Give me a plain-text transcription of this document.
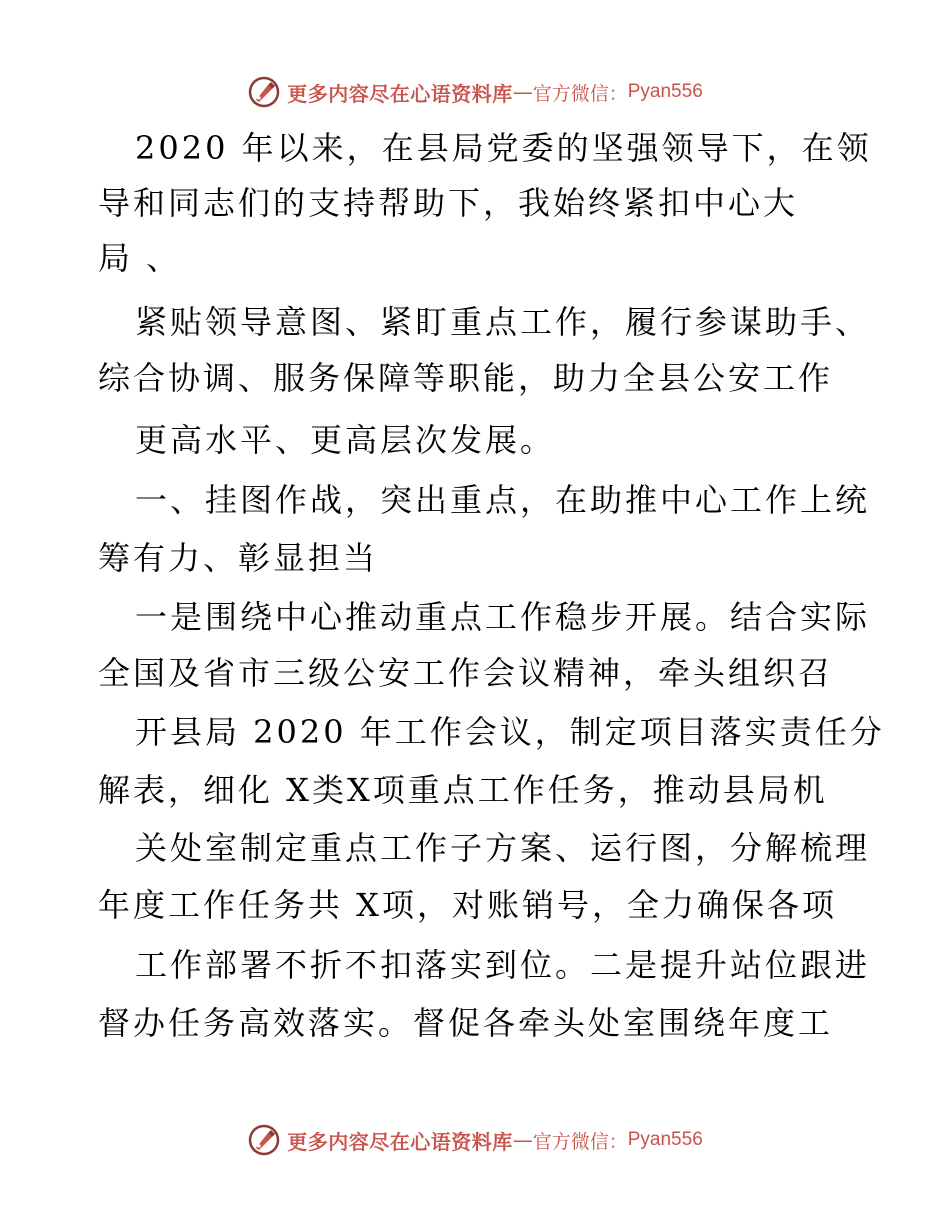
更多内容尽在心语资料库 — 官方微信： Pyan556
2020 年以来，在县局党委的坚强领导下，在领
导和同志们的支持帮助下，我始终紧扣中心大
局 、
紧贴领导意图、紧盯重点工作，履行参谋助手、
综合协调、服务保障等职能，助力全县公安工作
更高水平、更高层次发展。
一、挂图作战，突出重点，在助推中心工作上统
筹有力、彰显担当
一是围绕中心推动重点工作稳步开展。结合实际
全国及省市三级公安工作会议精神，牵头组织召
开县局 2020 年工作会议，制定项目落实责任分
解表，细化 X类X项重点工作任务，推动县局机
关处室制定重点工作子方案、运行图，分解梳理
年度工作任务共 X项，对账销号，全力确保各项
工作部署不折不扣落实到位。二是提升站位跟进
督办任务高效落实。督促各牵头处室围绕年度工
更多内容尽在心语资料库 — 官方微信： Pyan556
